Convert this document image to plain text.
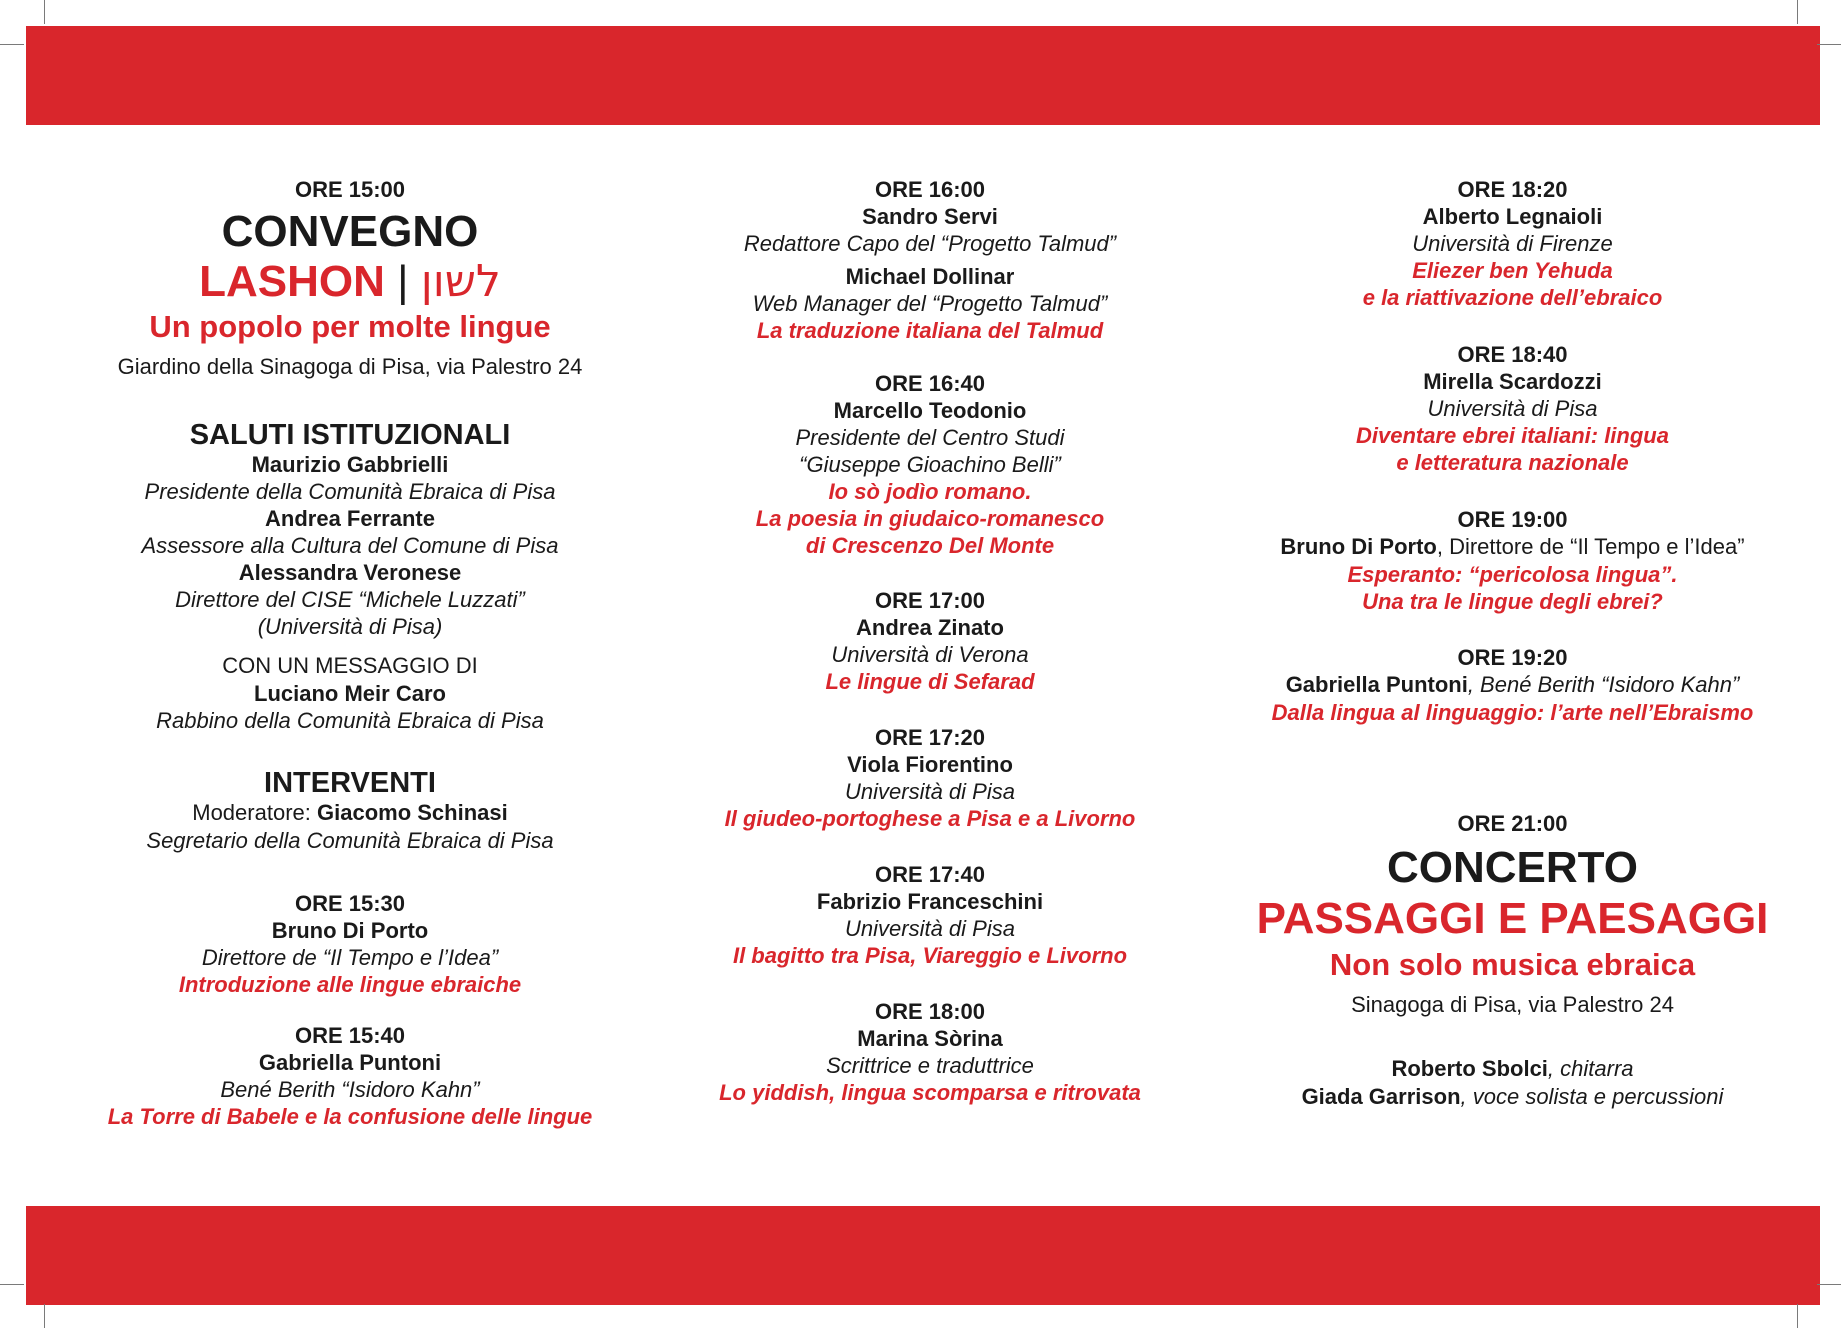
ORE 15:00
CONVEGNO
LASHON | לשון
Un popolo per molte lingue
Giardino della Sinagoga di Pisa, via Palestro 24
SALUTI ISTITUZIONALI
Maurizio Gabbrielli
Presidente della Comunità Ebraica di Pisa
Andrea Ferrante
Assessore alla Cultura del Comune di Pisa
Alessandra Veronese
Direttore del CISE “Michele Luzzati”
(Università di Pisa)
CON UN MESSAGGIO DI
Luciano Meir Caro
Rabbino della Comunità Ebraica di Pisa
INTERVENTI
Moderatore: Giacomo Schinasi
Segretario della Comunità Ebraica di Pisa
ORE 15:30
Bruno Di Porto
Direttore de “Il Tempo e l’Idea”
Introduzione alle lingue ebraiche
ORE 15:40
Gabriella Puntoni
Bené Berith “Isidoro Kahn”
La Torre di Babele e la confusione delle lingue
ORE 16:00
Sandro Servi
Redattore Capo del “Progetto Talmud”
Michael Dollinar
Web Manager del “Progetto Talmud”
La traduzione italiana del Talmud
ORE 16:40
Marcello Teodonio
Presidente del Centro Studi
“Giuseppe Gioachino Belli”
Io sò jodìo romano.
La poesia in giudaico-romanesco
di Crescenzo Del Monte
ORE 17:00
Andrea Zinato
Università di Verona
Le lingue di Sefarad
ORE 17:20
Viola Fiorentino
Università di Pisa
Il giudeo-portoghese a Pisa e a Livorno
ORE 17:40
Fabrizio Franceschini
Università di Pisa
Il bagitto tra Pisa, Viareggio e Livorno
ORE 18:00
Marina Sòrina
Scrittrice e traduttrice
Lo yiddish, lingua scomparsa e ritrovata
ORE 18:20
Alberto Legnaioli
Università di Firenze
Eliezer ben Yehuda
e la riattivazione dell’ebraico
ORE 18:40
Mirella Scardozzi
Università di Pisa
Diventare ebrei italiani: lingua
e letteratura nazionale
ORE 19:00
Bruno Di Porto, Direttore de “Il Tempo e l’Idea”
Esperanto: “pericolosa lingua”.
Una tra le lingue degli ebrei?
ORE 19:20
Gabriella Puntoni, Bené Berith “Isidoro Kahn”
Dalla lingua al linguaggio: l’arte nell’Ebraismo
ORE 21:00
CONCERTO
PASSAGGI E PAESAGGI
Non solo musica ebraica
Sinagoga di Pisa, via Palestro 24
Roberto Sbolci, chitarra
Giada Garrison, voce solista e percussioni
